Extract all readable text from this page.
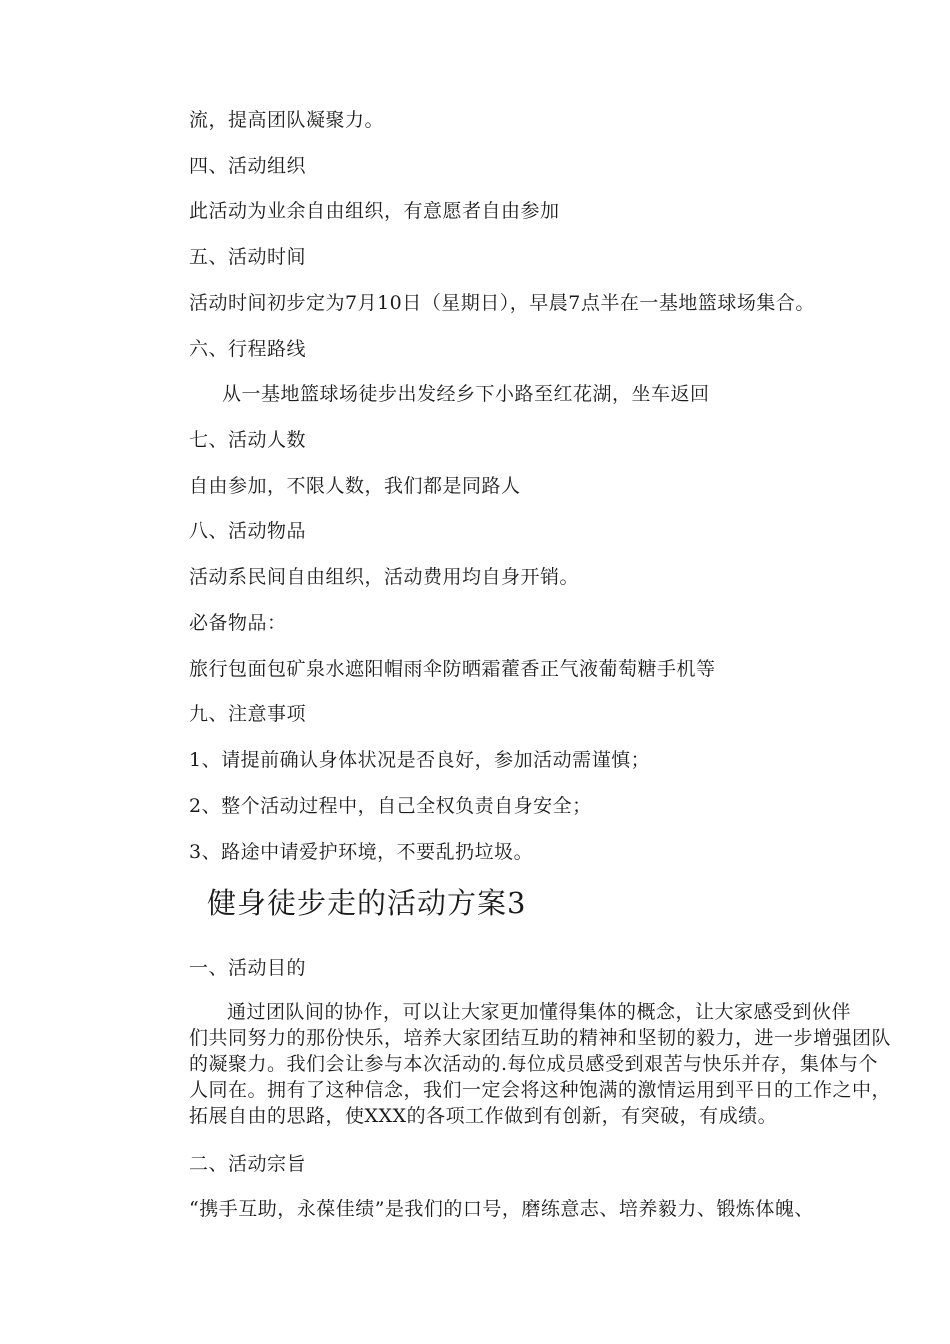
流，提高团队凝聚力。
四、活动组织
此活动为业余自由组织，有意愿者自由参加
五、活动时间
活动时间初步定为7月10日（星期日），早晨7点半在一基地篮球场集合。
六、行程路线
从一基地篮球场徒步出发经乡下小路至红花湖，坐车返回
七、活动人数
自由参加，不限人数，我们都是同路人
八、活动物品
活动系民间自由组织，活动费用均自身开销。
必备物品：
旅行包面包矿泉水遮阳帽雨伞防晒霜藿香正气液葡萄糖手机等
九、注意事项
1、请提前确认身体状况是否良好，参加活动需谨慎；
2、整个活动过程中，自己全权负责自身安全；
3、路途中请爱护环境，不要乱扔垃圾。
健身徒步走的活动方案3
一、活动目的
通过团队间的协作，可以让大家更加懂得集体的概念，让大家感受到伙伴
们共同努力的那份快乐，培养大家团结互助的精神和坚韧的毅力，进一步增强团队
的凝聚力。我们会让参与本次活动的.每位成员感受到艰苦与快乐并存，集体与个
人同在。拥有了这种信念，我们一定会将这种饱满的激情运用到平日的工作之中，
拓展自由的思路，使XXX的各项工作做到有创新，有突破，有成绩。
二、活动宗旨
“携手互助，永葆佳绩”是我们的口号，磨练意志、培养毅力、锻炼体魄、
